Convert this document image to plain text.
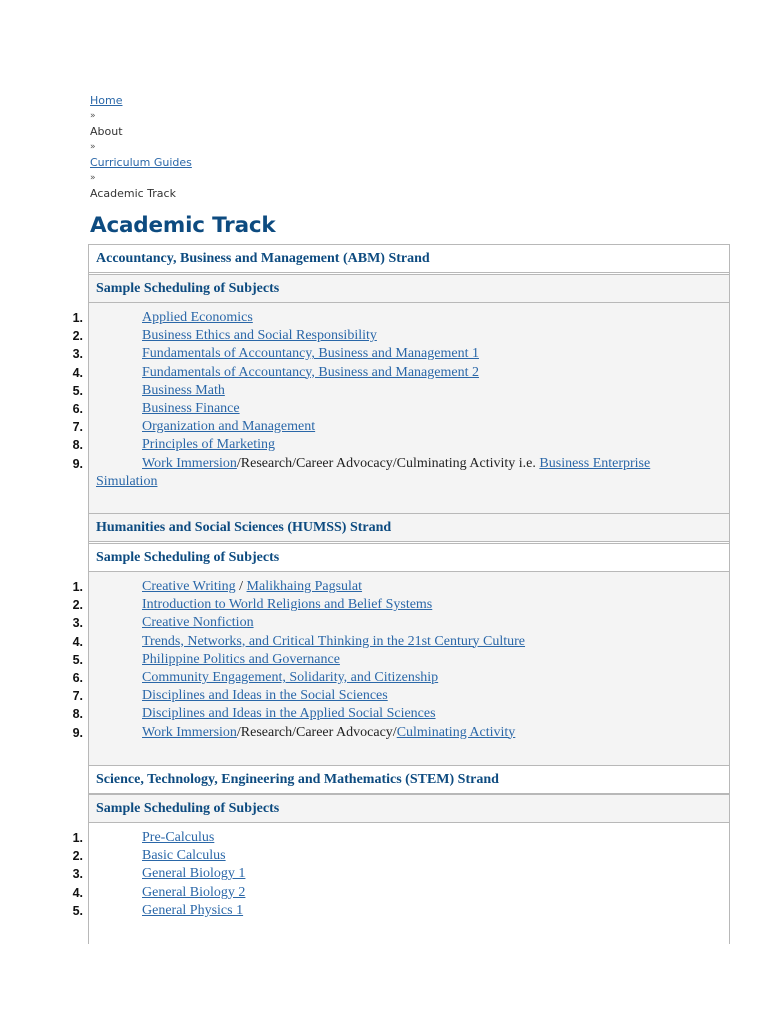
Home
»
About
»
Curriculum Guides
»
Academic Track
Academic Track
Accountancy, Business and Management (ABM) Strand
Sample Scheduling of Subjects
1.	Applied Economics
2.	Business Ethics and Social Responsibility
3.	Fundamentals of Accountancy, Business and Management 1
4.	Fundamentals of Accountancy, Business and Management 2
5.	Business Math
6.	Business Finance
7.	Organization and Management
8.	Principles of Marketing
9.	Work Immersion/Research/Career Advocacy/Culminating Activity i.e. Business Enterprise
Simulation
Humanities and Social Sciences (HUMSS) Strand
Sample Scheduling of Subjects
1.	Creative Writing / Malikhaing Pagsulat
2.	Introduction to World Religions and Belief Systems
3.	Creative Nonfiction
4.	Trends, Networks, and Critical Thinking in the 21st Century Culture
5.	Philippine Politics and Governance
6.	Community Engagement, Solidarity, and Citizenship
7.	Disciplines and Ideas in the Social Sciences
8.	Disciplines and Ideas in the Applied Social Sciences
9.	Work Immersion/Research/Career Advocacy/Culminating Activity
Science, Technology, Engineering and Mathematics (STEM) Strand
Sample Scheduling of Subjects
1.	Pre-Calculus
2.	Basic Calculus
3.	General Biology 1
4.	General Biology 2
5.	General Physics 1
